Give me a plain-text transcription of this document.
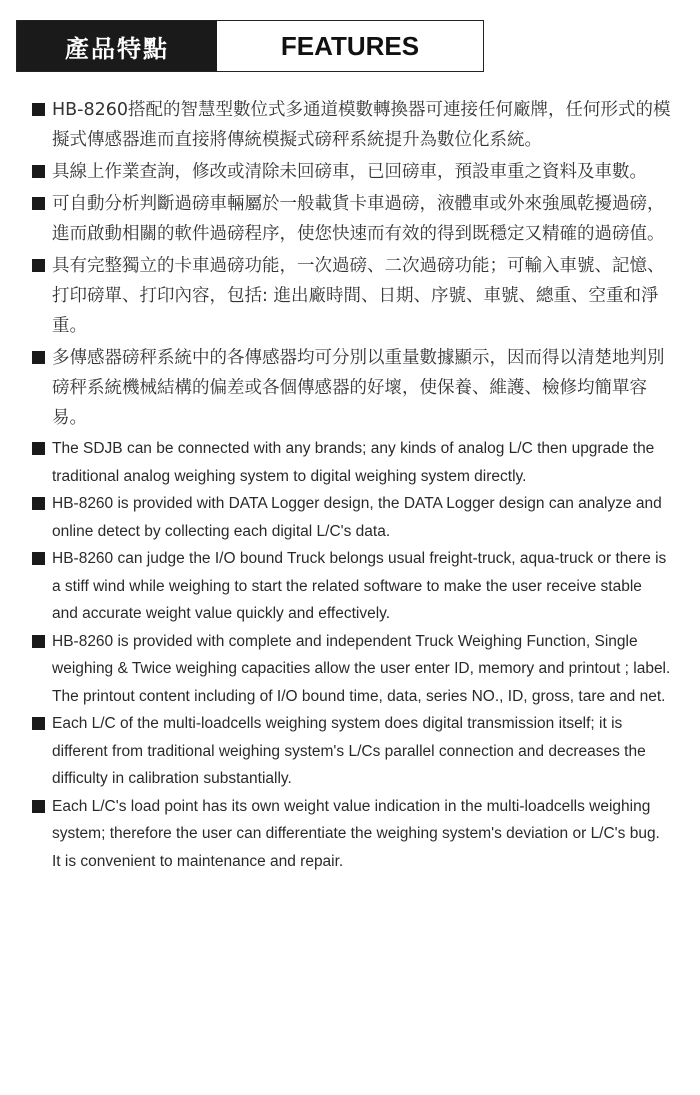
產品特點	FEATURES
HB-8260搭配的智慧型數位式多通道模數轉換器可連接任何廠牌，任何形式的模擬式傳感器進而直接將傳統模擬式磅秤系統提升為數位化系統。
具線上作業查詢，修改或清除未回磅車，已回磅車，預設車重之資料及車數。
可自動分析判斷過磅車輛屬於一般載貨卡車過磅，液體車或外來強風乾擾過磅，進而啟動相關的軟件過磅程序，使您快速而有效的得到既穩定又精確的過磅值。
具有完整獨立的卡車過磅功能，一次過磅、二次過磅功能；可輸入車號、記憶、打印磅單、打印內容，包括: 進出廠時間、日期、序號、車號、總重、空重和淨重。
多傳感器磅秤系統中的各傳感器均可分別以重量數據顯示，因而得以清楚地判別磅秤系統機械結構的偏差或各個傳感器的好壞，使保養、維護、檢修均簡單容易。
The SDJB can be connected with any brands; any kinds of analog L/C then upgrade the traditional analog weighing system to digital weighing system directly.
HB-8260 is provided with DATA Logger design, the DATA Logger design can analyze and online detect by collecting each digital L/C's data.
HB-8260 can judge the I/O bound Truck belongs usual freight-truck, aqua-truck or there is a stiff wind while weighing to start the related software to make the user receive stable and accurate weight value quickly and effectively.
HB-8260 is provided with complete and independent Truck Weighing Function, Single weighing & Twice weighing capacities allow the user enter ID, memory and printout ; label. The printout content including of I/O bound time, data, series NO., ID, gross, tare and net.
Each L/C of the multi-loadcells weighing system does digital transmission itself; it is different from traditional weighing system's L/Cs parallel connection and decreases the difficulty in calibration substantially.
Each L/C's load point has its own weight value indication in the multi-loadcells weighing system; therefore the user can differentiate the weighing system's deviation or L/C's bug. It is convenient to maintenance and repair.
